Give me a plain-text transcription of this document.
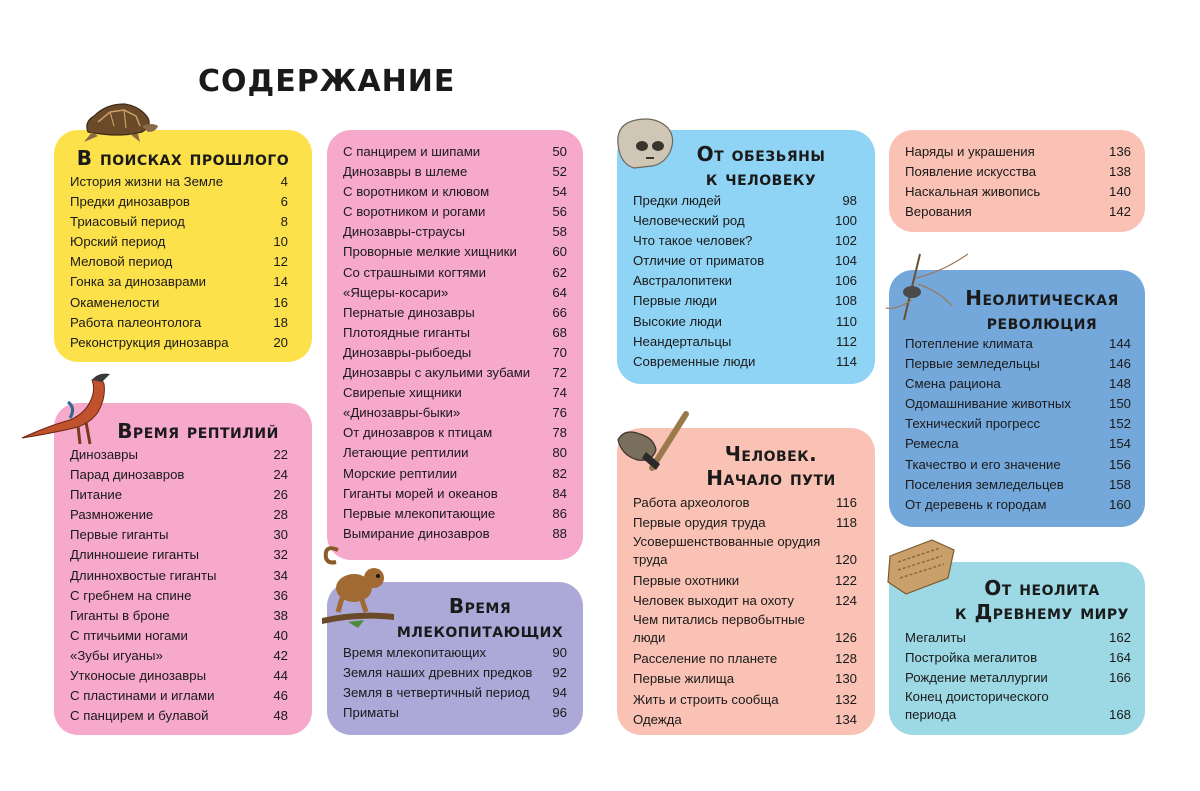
СОДЕРЖАНИЕ
В поисках прошлого
История жизни на Земле	4
Предки динозавров	6
Триасовый период	8
Юрский период	10
Меловой период	12
Гонка за динозаврами	14
Окаменелости	16
Работа палеонтолога	18
Реконструкция динозавра	20
Время рептилий
Динозавры	22
Парад динозавров	24
Питание	26
Размножение	28
Первые гиганты	30
Длинношеие гиганты	32
Длиннохвостые гиганты	34
С гребнем на спине	36
Гиганты в броне	38
С птичьими ногами	40
«Зубы игуаны»	42
Утконосые динозавры	44
С пластинами и иглами	46
С панцирем и булавой	48
С панцирем и шипами	50
Динозавры в шлеме	52
С воротником и клювом	54
С воротником и рогами	56
Динозавры-страусы	58
Проворные мелкие хищники	60
Со страшными когтями	62
«Ящеры-косари»	64
Пернатые динозавры	66
Плотоядные гиганты	68
Динозавры-рыбоеды	70
Динозавры с акульими зубами	72
Свирепые хищники	74
«Динозавры-быки»	76
От динозавров к птицам	78
Летающие рептилии	80
Морские рептилии	82
Гиганты морей и океанов	84
Первые млекопитающие	86
Вымирание динозавров	88
Время
млекопитающих
Время млекопитающих	90
Земля наших древних предков	92
Земля в четвертичный период	94
Приматы	96
От обезьяны
к человеку
Предки людей	98
Человеческий род	100
Что такое человек?	102
Отличие от приматов	104
Австралопитеки	106
Первые люди	108
Высокие люди	110
Неандертальцы	112
Современные люди	114
Человек.
Начало пути
Работа археологов	116
Первые орудия труда	118
Усовершенствованные орудия труда	120
Первые охотники	122
Человек выходит на охоту	124
Чем питались первобытные люди	126
Расселение по планете	128
Первые жилища	130
Жить и строить сообща	132
Одежда	134
Наряды и украшения	136
Появление искусства	138
Наскальная живопись	140
Верования	142
Неолитическая
революция
Потепление климата	144
Первые земледельцы	146
Смена рациона	148
Одомашнивание животных	150
Технический прогресс	152
Ремесла	154
Ткачество и его значение	156
Поселения земледельцев	158
От деревень к городам	160
От неолита
к Древнему миру
Мегалиты	162
Постройка мегалитов	164
Рождение металлургии	166
Конец доисторического периода	168
